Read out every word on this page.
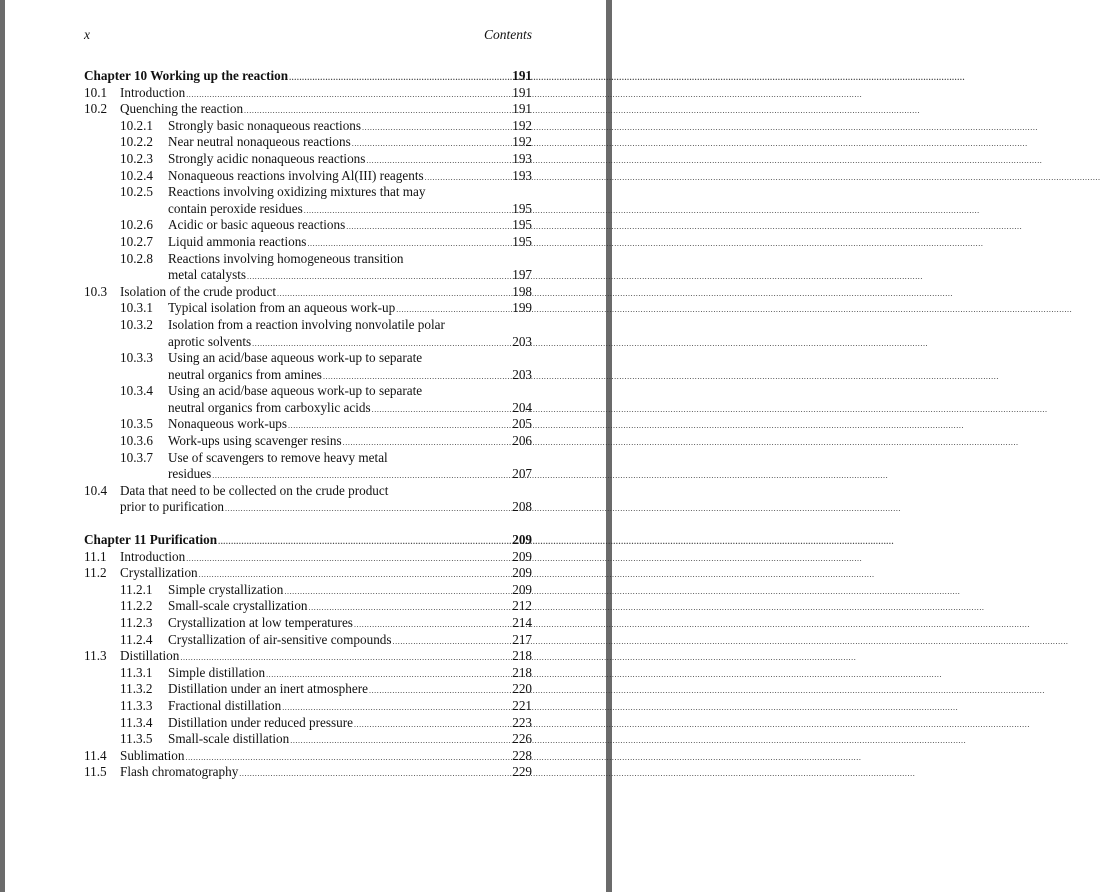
x	Contents
Chapter 10 Working up the reaction .....	191
10.1 Introduction .....	191
10.2 Quenching the reaction .....	191
10.2.1	Strongly basic nonaqueous reactions .....	192
10.2.2	Near neutral nonaqueous reactions .....	192
10.2.3	Strongly acidic nonaqueous reactions .....	193
10.2.4	Nonaqueous reactions involving Al(III) reagents .....	193
10.2.5	Reactions involving oxidizing mixtures that may
contain peroxide residues .....	195
10.2.6	Acidic or basic aqueous reactions .....	195
10.2.7	Liquid ammonia reactions .....	195
10.2.8	Reactions involving homogeneous transition
metal catalysts .....	197
10.3 Isolation of the crude product .....	198
10.3.1	Typical isolation from an aqueous work-up .....	199
10.3.2	Isolation from a reaction involving nonvolatile polar
aprotic solvents .....	203
10.3.3	Using an acid/base aqueous work-up to separate
neutral organics from amines .....	203
10.3.4	Using an acid/base aqueous work-up to separate
neutral organics from carboxylic acids .....	204
10.3.5	Nonaqueous work-ups .....	205
10.3.6	Work-ups using scavenger resins .....	206
10.3.7	Use of scavengers to remove heavy metal
residues .....	207
10.4 Data that need to be collected on the crude product
prior to purification .....	208
Chapter 11 Purification .....	209
11.1	Introduction .....	209
11.2	Crystallization .....	209
11.2.1	Simple crystallization .....	209
11.2.2	Small-scale crystallization .....	212
11.2.3	Crystallization at low temperatures .....	214
11.2.4	Crystallization of air-sensitive compounds .....	217
11.3	Distillation .....	218
11.3.1	Simple distillation .....	218
11.3.2	Distillation under an inert atmosphere .....	220
11.3.3	Fractional distillation .....	221
11.3.4	Distillation under reduced pressure .....	223
11.3.5	Small-scale distillation .....	226
11.4	Sublimation .....	228
11.5	Flash chromatography .....	229
